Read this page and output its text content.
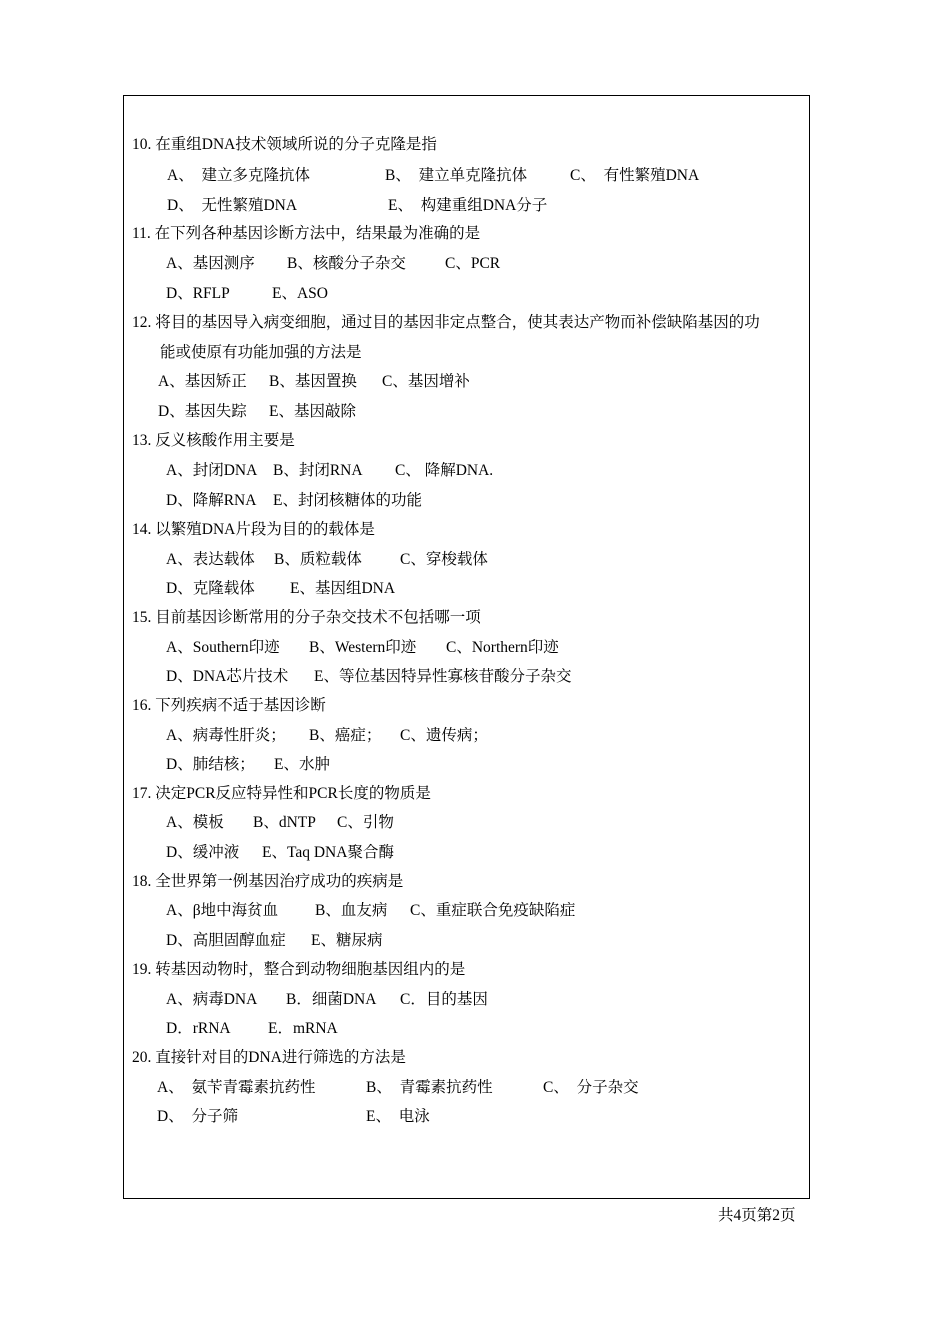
10. 在重组DNA技术领域所说的分子克隆是指
A、  建立多克隆抗体	B、  建立单克隆抗体	C、  有性繁殖DNA
D、  无性繁殖DNA	E、  构建重组DNA分子
11. 在下列各种基因诊断方法中，结果最为准确的是
A、基因测序 B、核酸分子杂交	C、PCR
D、RFLP	E、ASO
12. 将目的基因导入病变细胞，通过目的基因非定点整合，使其表达产物而补偿缺陷基因的功
能或使原有功能加强的方法是
A、基因矫正 B、基因置换 C、基因增补
D、基因失踪 E、基因敲除
13. 反义核酸作用主要是
A、封闭DNA B、封闭RNA C、 降解DNA.
D、降解RNA E、封闭核糖体的功能
14. 以繁殖DNA片段为目的的载体是
A、表达载体 B、质粒载体 C、穿梭载体
D、克隆载体 E、基因组DNA
15. 目前基因诊断常用的分子杂交技术不包括哪一项
A、Southern印迹 B、Western印迹 C、Northern印迹
D、DNA芯片技术 E、等位基因特异性寡核苷酸分子杂交
16. 下列疾病不适于基因诊断
A、病毒性肝炎； B、癌症； C、遗传病；
D、肺结核； E、水肿
17. 决定PCR反应特异性和PCR长度的物质是
A、模板 B、dNTP C、引物
D、缓冲液 E、Taq DNA聚合酶
18. 全世界第一例基因治疗成功的疾病是
A、β地中海贫血 B、血友病 C、重症联合免疫缺陷症
D、高胆固醇血症 E、糖尿病
19. 转基因动物时，整合到动物细胞基因组内的是
A、病毒DNA B．细菌DNA C．目的基因
D．rRNA E．mRNA
20. 直接针对目的DNA进行筛选的方法是
A、  氨苄青霉素抗药性	B、  青霉素抗药性	C、  分子杂交
D、  分子筛	E、  电泳
共4页第2页
